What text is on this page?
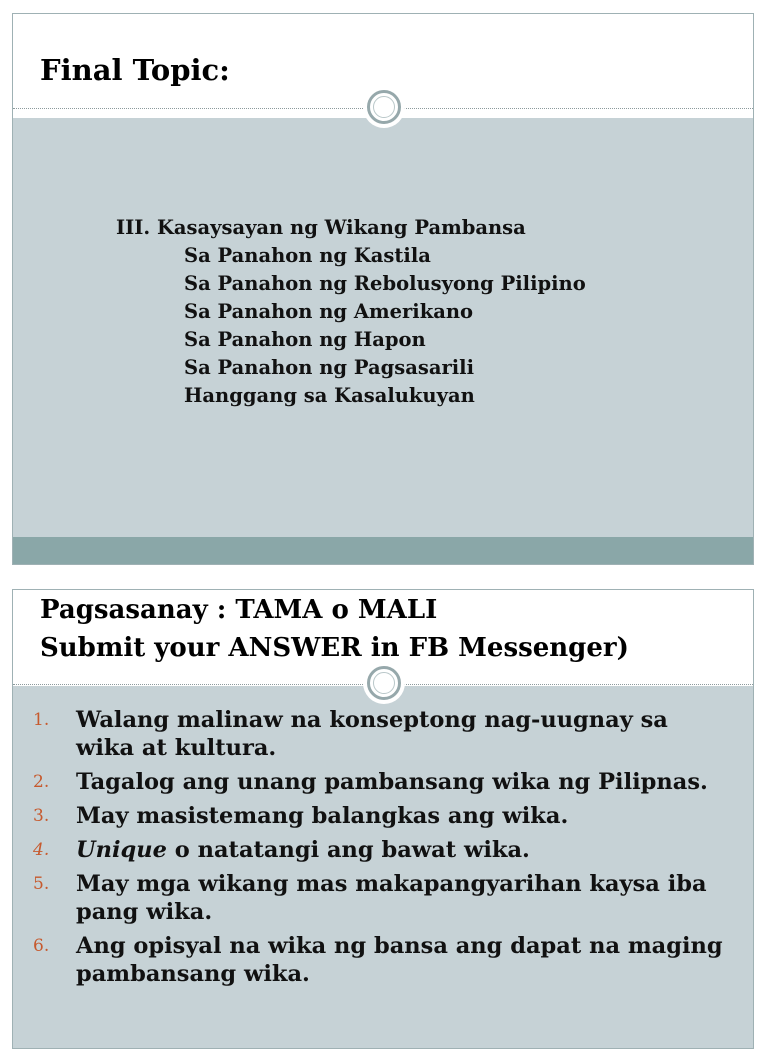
Final Topic:
III. Kasaysayan ng Wikang Pambansa
Sa Panahon ng Kastila
Sa Panahon ng Rebolusyong Pilipino
Sa Panahon ng Amerikano
Sa Panahon ng Hapon
Sa Panahon ng Pagsasarili
Hanggang sa Kasalukuyan
Pagsasanay : TAMA o MALI
Submit your ANSWER in FB Messenger)
1.	Walang malinaw na konseptong nag-uugnay sa wika at kultura.
2.	Tagalog ang unang pambansang wika ng Pilipnas.
3.	May masistemang balangkas ang wika.
4.	Unique o natatangi ang bawat wika.
5.	May mga wikang mas makapangyarihan kaysa iba pang wika.
6.	Ang opisyal na wika ng bansa ang dapat na maging pambansang wika.
